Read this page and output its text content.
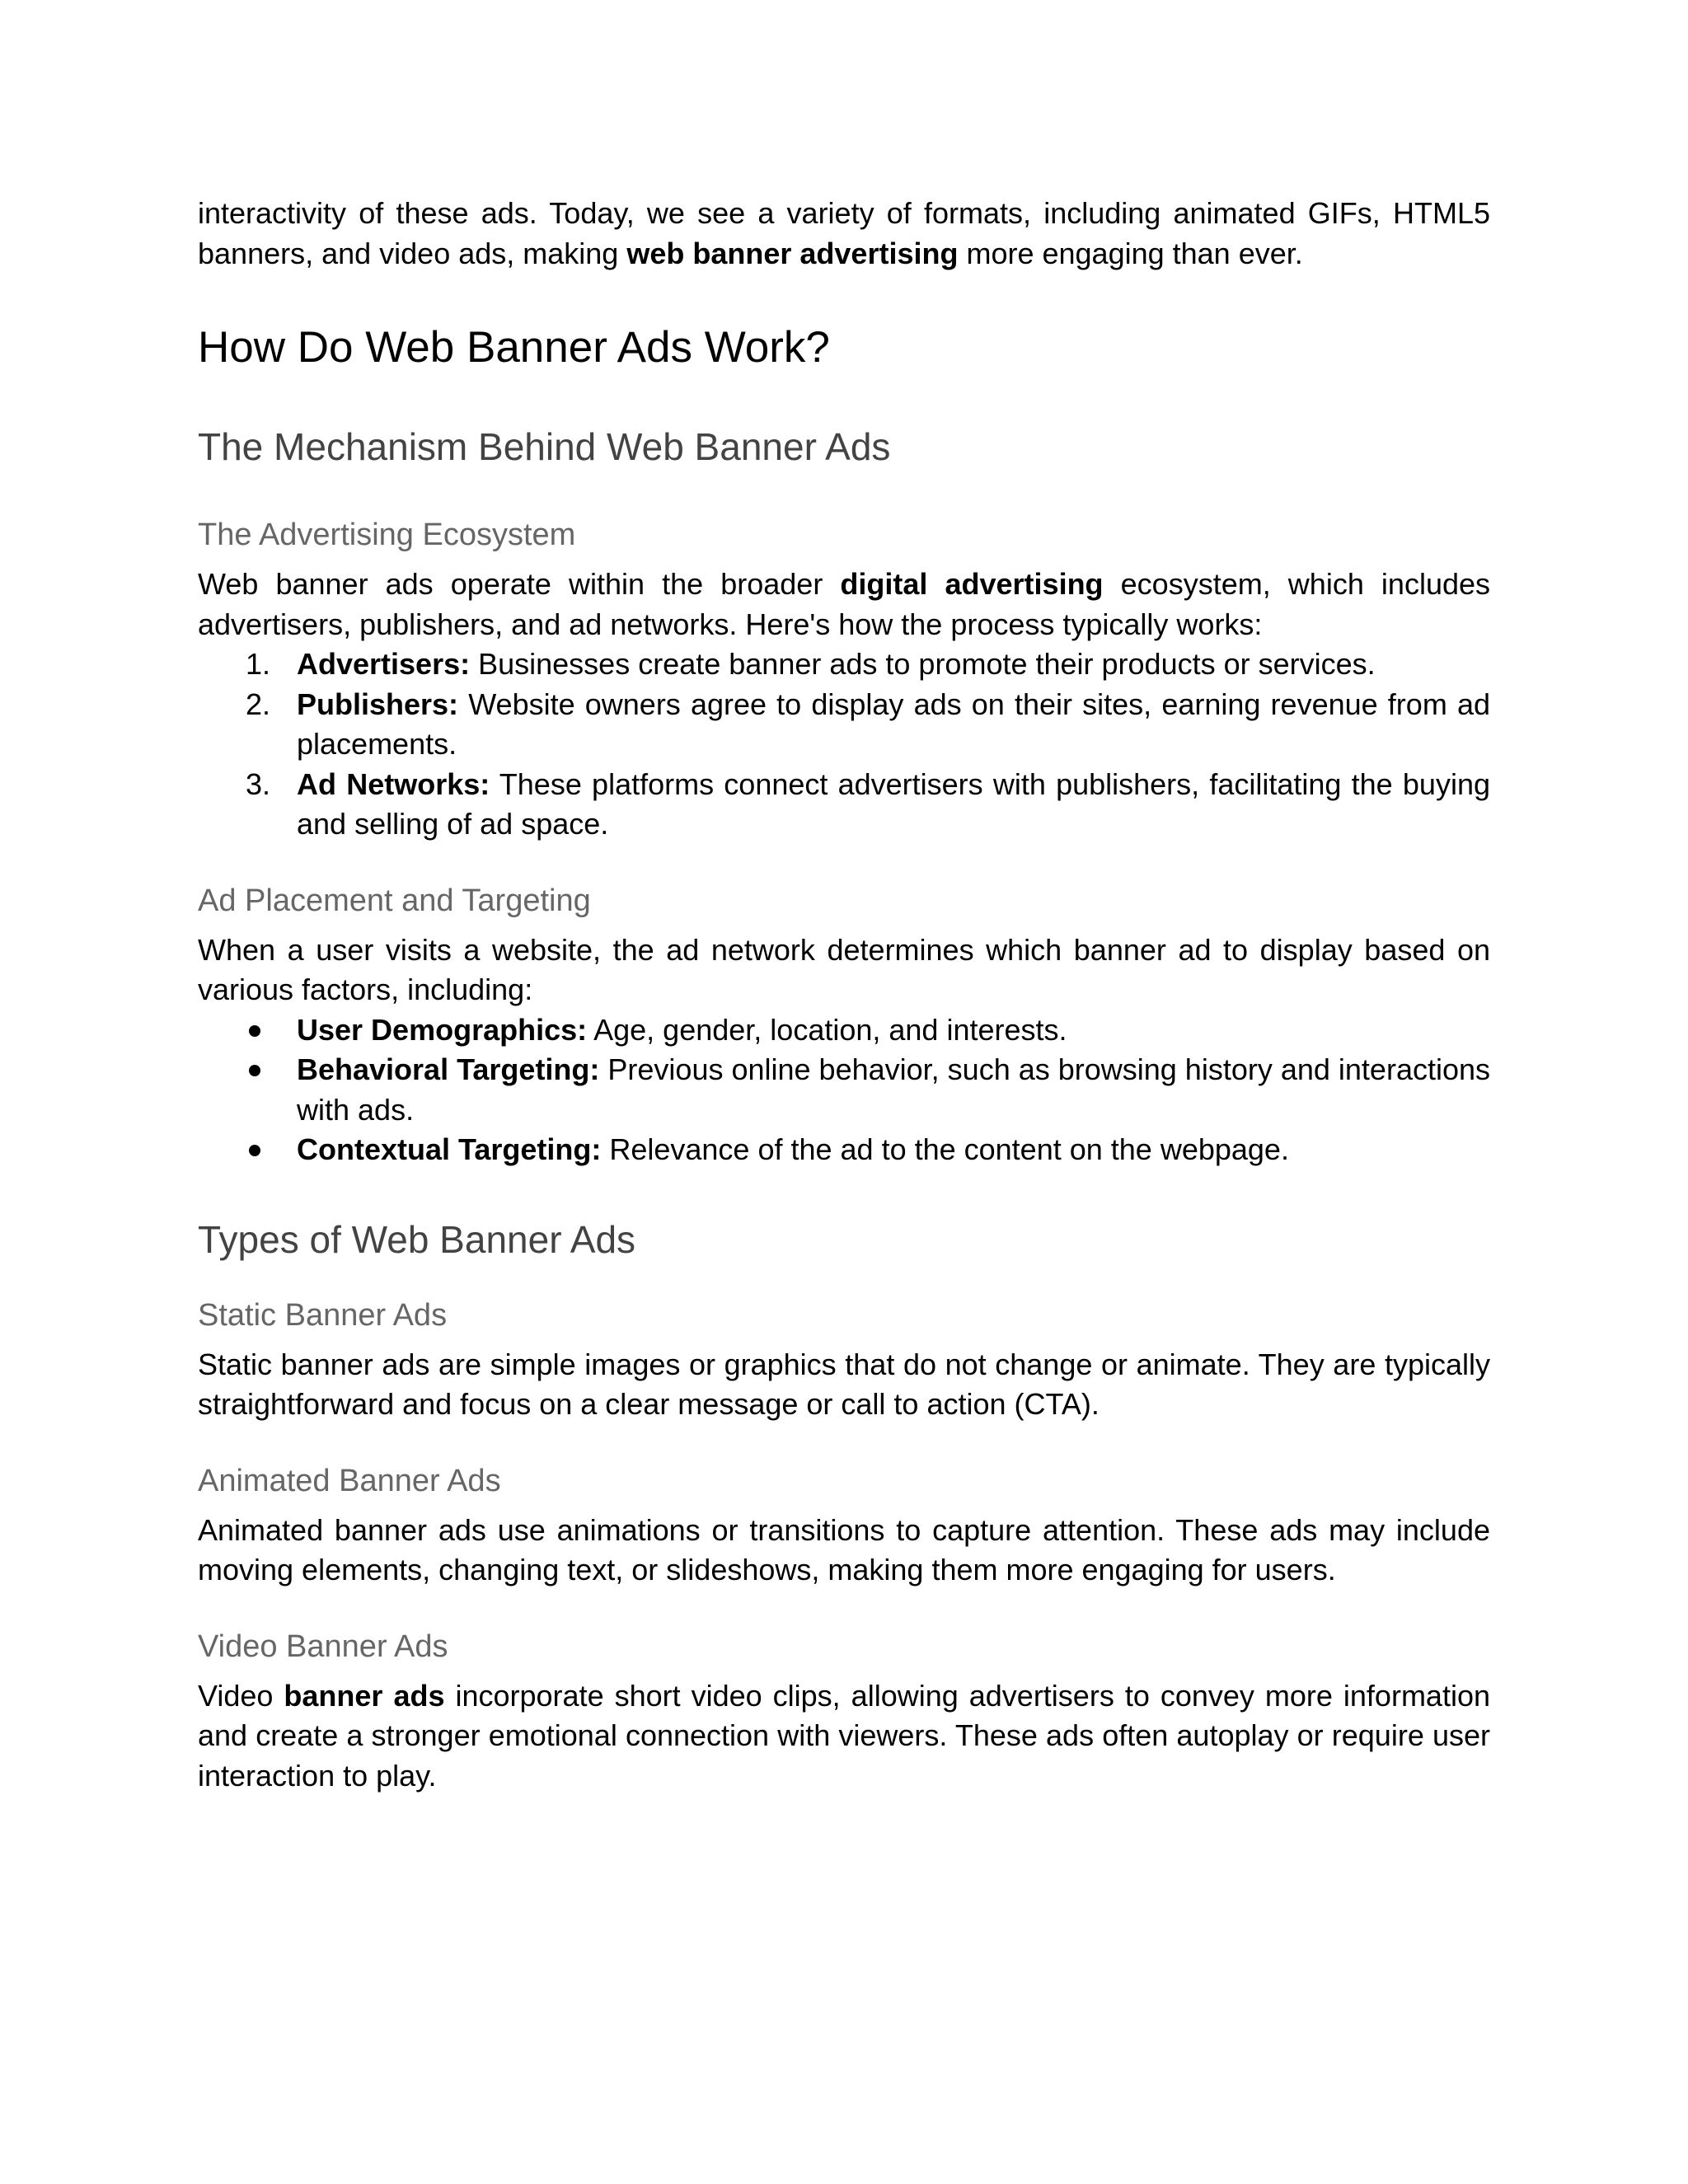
interactivity of these ads. Today, we see a variety of formats, including animated GIFs, HTML5 banners, and video ads, making web banner advertising more engaging than ever.

How Do Web Banner Ads Work?
The Mechanism Behind Web Banner Ads
The Advertising Ecosystem

Web banner ads operate within the broader digital advertising ecosystem, which includes advertisers, publishers, and ad networks. Here's how the process typically works:

1. Advertisers: Businesses create banner ads to promote their products or services.
2. Publishers: Website owners agree to display ads on their sites, earning revenue from ad placements.
3. Ad Networks: These platforms connect advertisers with publishers, facilitating the buying and selling of ad space.
Ad Placement and Targeting

When a user visits a website, the ad network determines which banner ad to display based on various factors, including:

User Demographics: Age, gender, location, and interests.
Behavioral Targeting: Previous online behavior, such as browsing history and interactions with ads.
Contextual Targeting: Relevance of the ad to the content on the webpage.
Types of Web Banner Ads
Static Banner Ads

Static banner ads are simple images or graphics that do not change or animate. They are typically straightforward and focus on a clear message or call to action (CTA).

Animated Banner Ads

Animated banner ads use animations or transitions to capture attention. These ads may include moving elements, changing text, or slideshows, making them more engaging for users.

Video Banner Ads

Video banner ads incorporate short video clips, allowing advertisers to convey more information and create a stronger emotional connection with viewers. These ads often autoplay or require user interaction to play.
